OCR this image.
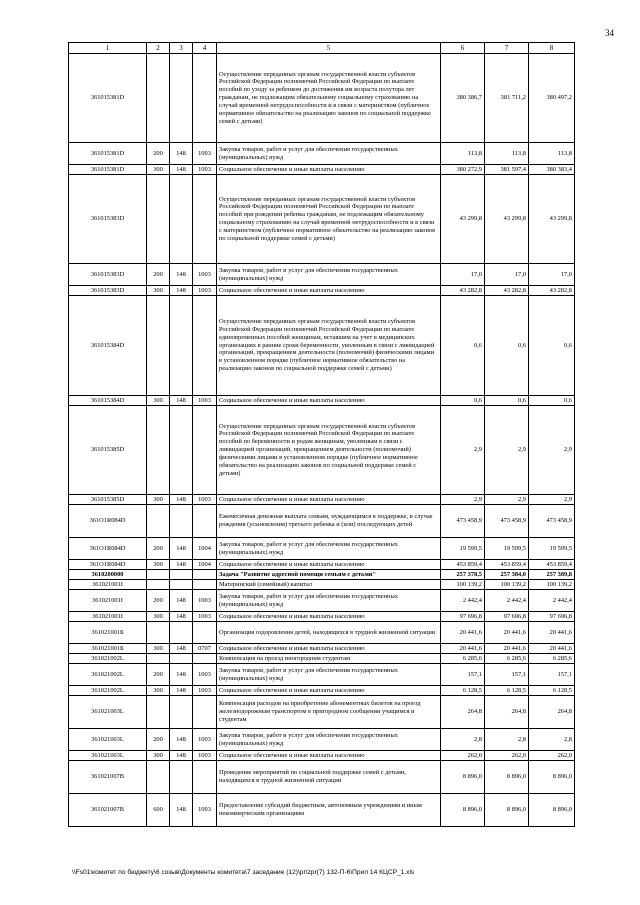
34
1	2	3	4	5	6	7	8
361015381D				Осуществление переданных органам государственной власти субъектов Российской Федерации полномочий Российской Федерации по выплате пособий по уходу за ребенком до достижения им возраста полутора лет гражданам, не подлежащим обязательному социальному страхованию на случай временной нетрудоспособности и в связи с материнством (публичное нормативное обязательство на реализацию законов по социальной поддержке семей с детьми)	380 386,7	381 711,2	380 497,2
361015381D	200	148	1003	Закупка товаров, работ и услуг для обеспечения государственных (муниципальных) нужд	113,8	113,8	113,8
361015381D	300	148	1003	Социальное обеспечение и иные выплаты населению	380 272,9	381 597,4	380 383,4
361015383D				Осуществление переданных органам государственной власти субъектов Российской Федерации полномочий Российской Федерации по выплате пособий при рождении ребенка гражданам, не подлежащим обязательному социальному страхованию на случай временной нетрудоспособности и в связи с материнством (публичное нормативное обязательство на реализацию законов по социальной поддержке семей с детьми)	43 299,8	43 299,8	43 299,8
361015383D	200	148	1003	Закупка товаров, работ и услуг для обеспечения государственных (муниципальных) нужд	17,0	17,0	17,0
361015383D	300	148	1003	Социальное обеспечение и иные выплаты населению	43 282,8	43 282,8	43 282,8
361015384D				Осуществление переданных органам государственной власти субъектов Российской Федерации полномочий Российской Федерации по выплате единовременных пособий женщинам, вставшим на учет в медицинских организациях в ранние сроки беременности, уволенным в связи с ликвидацией организаций, прекращением деятельности (полномочий) физическими лицами в установленном порядке (публичное нормативное обязательство на реализацию законов по социальной поддержке семей с детьми)	0,6	0,6	0,6
361015384D	300	148	1003	Социальное обеспечение и иные выплаты населению	0,6	0,6	0,6
361015385D				Осуществление переданных органам государственной власти субъектов Российской Федерации полномочий Российской Федерации по выплате пособий по беременности и родам женщинам, уволенным в связи с ликвидацией организаций, прекращением деятельности (полномочий) физическими лицами в установленном порядке (публичное нормативное обязательство на реализацию законов по социальной поддержке семей с детьми)	2,9	2,9	2,9
361015385D	300	148	1003	Социальное обеспечение и иные выплаты населению	2,9	2,9	2,9
361O1R084D				Ежемесячная денежная выплата семьям, нуждающимся в поддержке, в случае рождения (усыновления) третьего ребенка и (или) последующих детей	473 458,9	473 458,9	473 458,9
361O1R084D	200	148	1004	Закупка товаров, работ и услуг для обеспечения государственных (муниципальных) нужд	19 599,5	19 599,5	19 599,5
361O1R084D	300	148	1004	Социальное обеспечение и иные выплаты населению	453 859,4	453 859,4	453 859,4
3610200000				Задача "Развитие адресной помощи семьям с детьми"	257 378,5	257 384,0	257 389,8
361021001I				Материнский (семейный) капитал	100 139,2	100 139,2	100 139,2
361021001I	200	148	1003	Закупка товаров, работ и услуг для обеспечения государственных (муниципальных) нужд	2 442,4	2 442,4	2 442,4
361021001I	300	148	1003	Социальное обеспечение и иные выплаты населению	97 696,8	97 696,8	97 696,8
361021001Б				Организация оздоровления детей, находящихся в трудной жизненной ситуации	20 441,6	20 441,6	20 441,6
361021001Б	300	148	0707	Социальное обеспечение и иные выплаты населению	20 441,6	20 441,6	20 441,6
361021002L				Компенсация на проезд иногородним студентам	6 285,6	6 285,6	6 285,6
361021002L	200	148	1003	Закупка товаров, работ и услуг для обеспечения государственных (муниципальных) нужд	157,1	157,1	157,1
361021002L	300	148	1003	Социальное обеспечение и иные выплаты населению	6 128,5	6 128,5	6 128,5
361021003L				Компенсация расходов на приобретение абонементных билетов на проезд железнодорожным транспортом в пригородном сообщении учащимся и студентам	264,8	264,8	264,8
361021003L	200	148	1003	Закупка товаров, работ и услуг для обеспечения государственных (муниципальных) нужд	2,8	2,8	2,8
361021003L	300	148	1003	Социальное обеспечение и иные выплаты населению	262,0	262,0	262,0
361021007B				Проведение мероприятий по социальной поддержке семей с детьми, находящихся в трудной жизненной ситуации	8 896,0	8 896,0	8 896,0
361021007B	600	148	1003	Предоставление субсидий бюджетным, автономным учреждениям и иным некоммерческим организациям	8 896,0	8 896,0	8 896,0
\\Fs01\комитет по бюджету\6 созыв\Документы комитета\7 заседание (12)\pr\zpr(7) 132-П-6\Прил 14 КЦСР_1.xls
